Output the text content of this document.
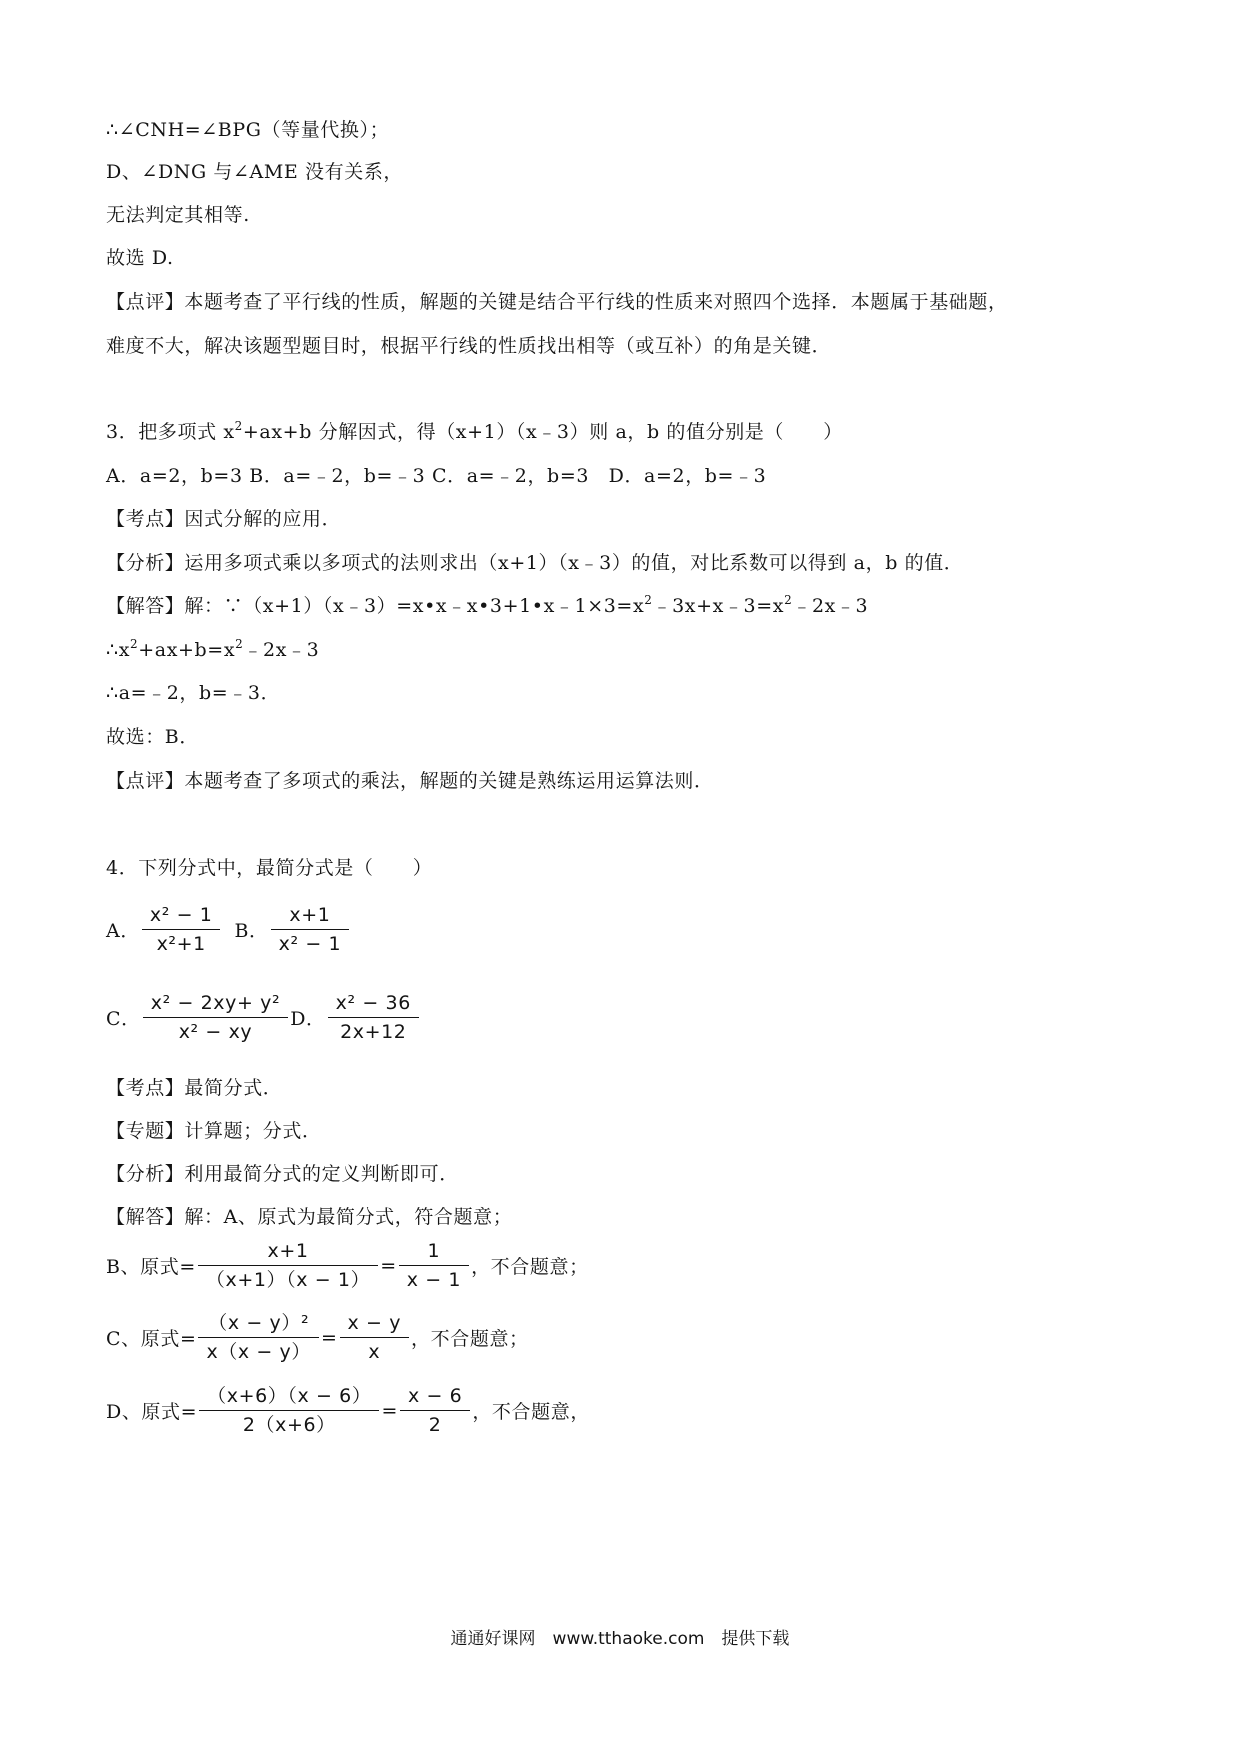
∴∠CNH=∠BPG（等量代换）；
D、∠DNG 与∠AME 没有关系，
无法判定其相等.
故选 D.
【点评】本题考查了平行线的性质，解题的关键是结合平行线的性质来对照四个选择．本题属于基础题，
难度不大，解决该题型题目时，根据平行线的性质找出相等（或互补）的角是关键．
3．把多项式 $x^2+ax+b$ 分解因式，得（x+1）（x﹣3）则 a，b 的值分别是（　　）
A．a=2，b=3 B．a=﹣2，b=﹣3 C．a=﹣2，b=3　D．a=2，b=﹣3
【考点】因式分解的应用．
【分析】运用多项式乘以多项式的法则求出（x+1）（x﹣3）的值，对比系数可以得到 a，b 的值．
【解答】解：$\because(x+1)(x﹣3)=x•x﹣x•3+1•x﹣1\times 3=x^2﹣3x+x﹣3=x^2﹣2x﹣3$
$\therefore x^2+ax+b=x^2﹣2x﹣3$
∴a=﹣2，b=﹣3．
故选：B．
【点评】本题考查了多项式的乘法，解题的关键是熟练运用运算法则．
4．下列分式中，最简分式是（　　）
A． $\frac{\text{x² − 1}}{\text{x²+1}}$ B． $\frac{x+1}{\text{x² − 1}}$
C． $\frac{\text{x² − 2xy+ y²}}{\text{x² − xy}}$ D． $\frac{\text{x² − 36}}{2x+12}$
【考点】最简分式．
【专题】计算题；分式．
【分析】利用最简分式的定义判断即可．
【解答】解：A、原式为最简分式，符合题意；
B、原式= $\frac{x+1}{(x+1)(x - 1)} = \frac{1}{x - 1}$ ，不合题意；
C、原式= $\frac{\text{（x − y）²}}{x(x - y)} = \frac{x - y}{x}$ ，不合题意；
D、原式= $\frac{(x+6)(x - 6)}{2(x+6)} = \frac{x - 6}{2}$ ，不合题意，
通通好课网　www.tthaoke.com　提供下载
